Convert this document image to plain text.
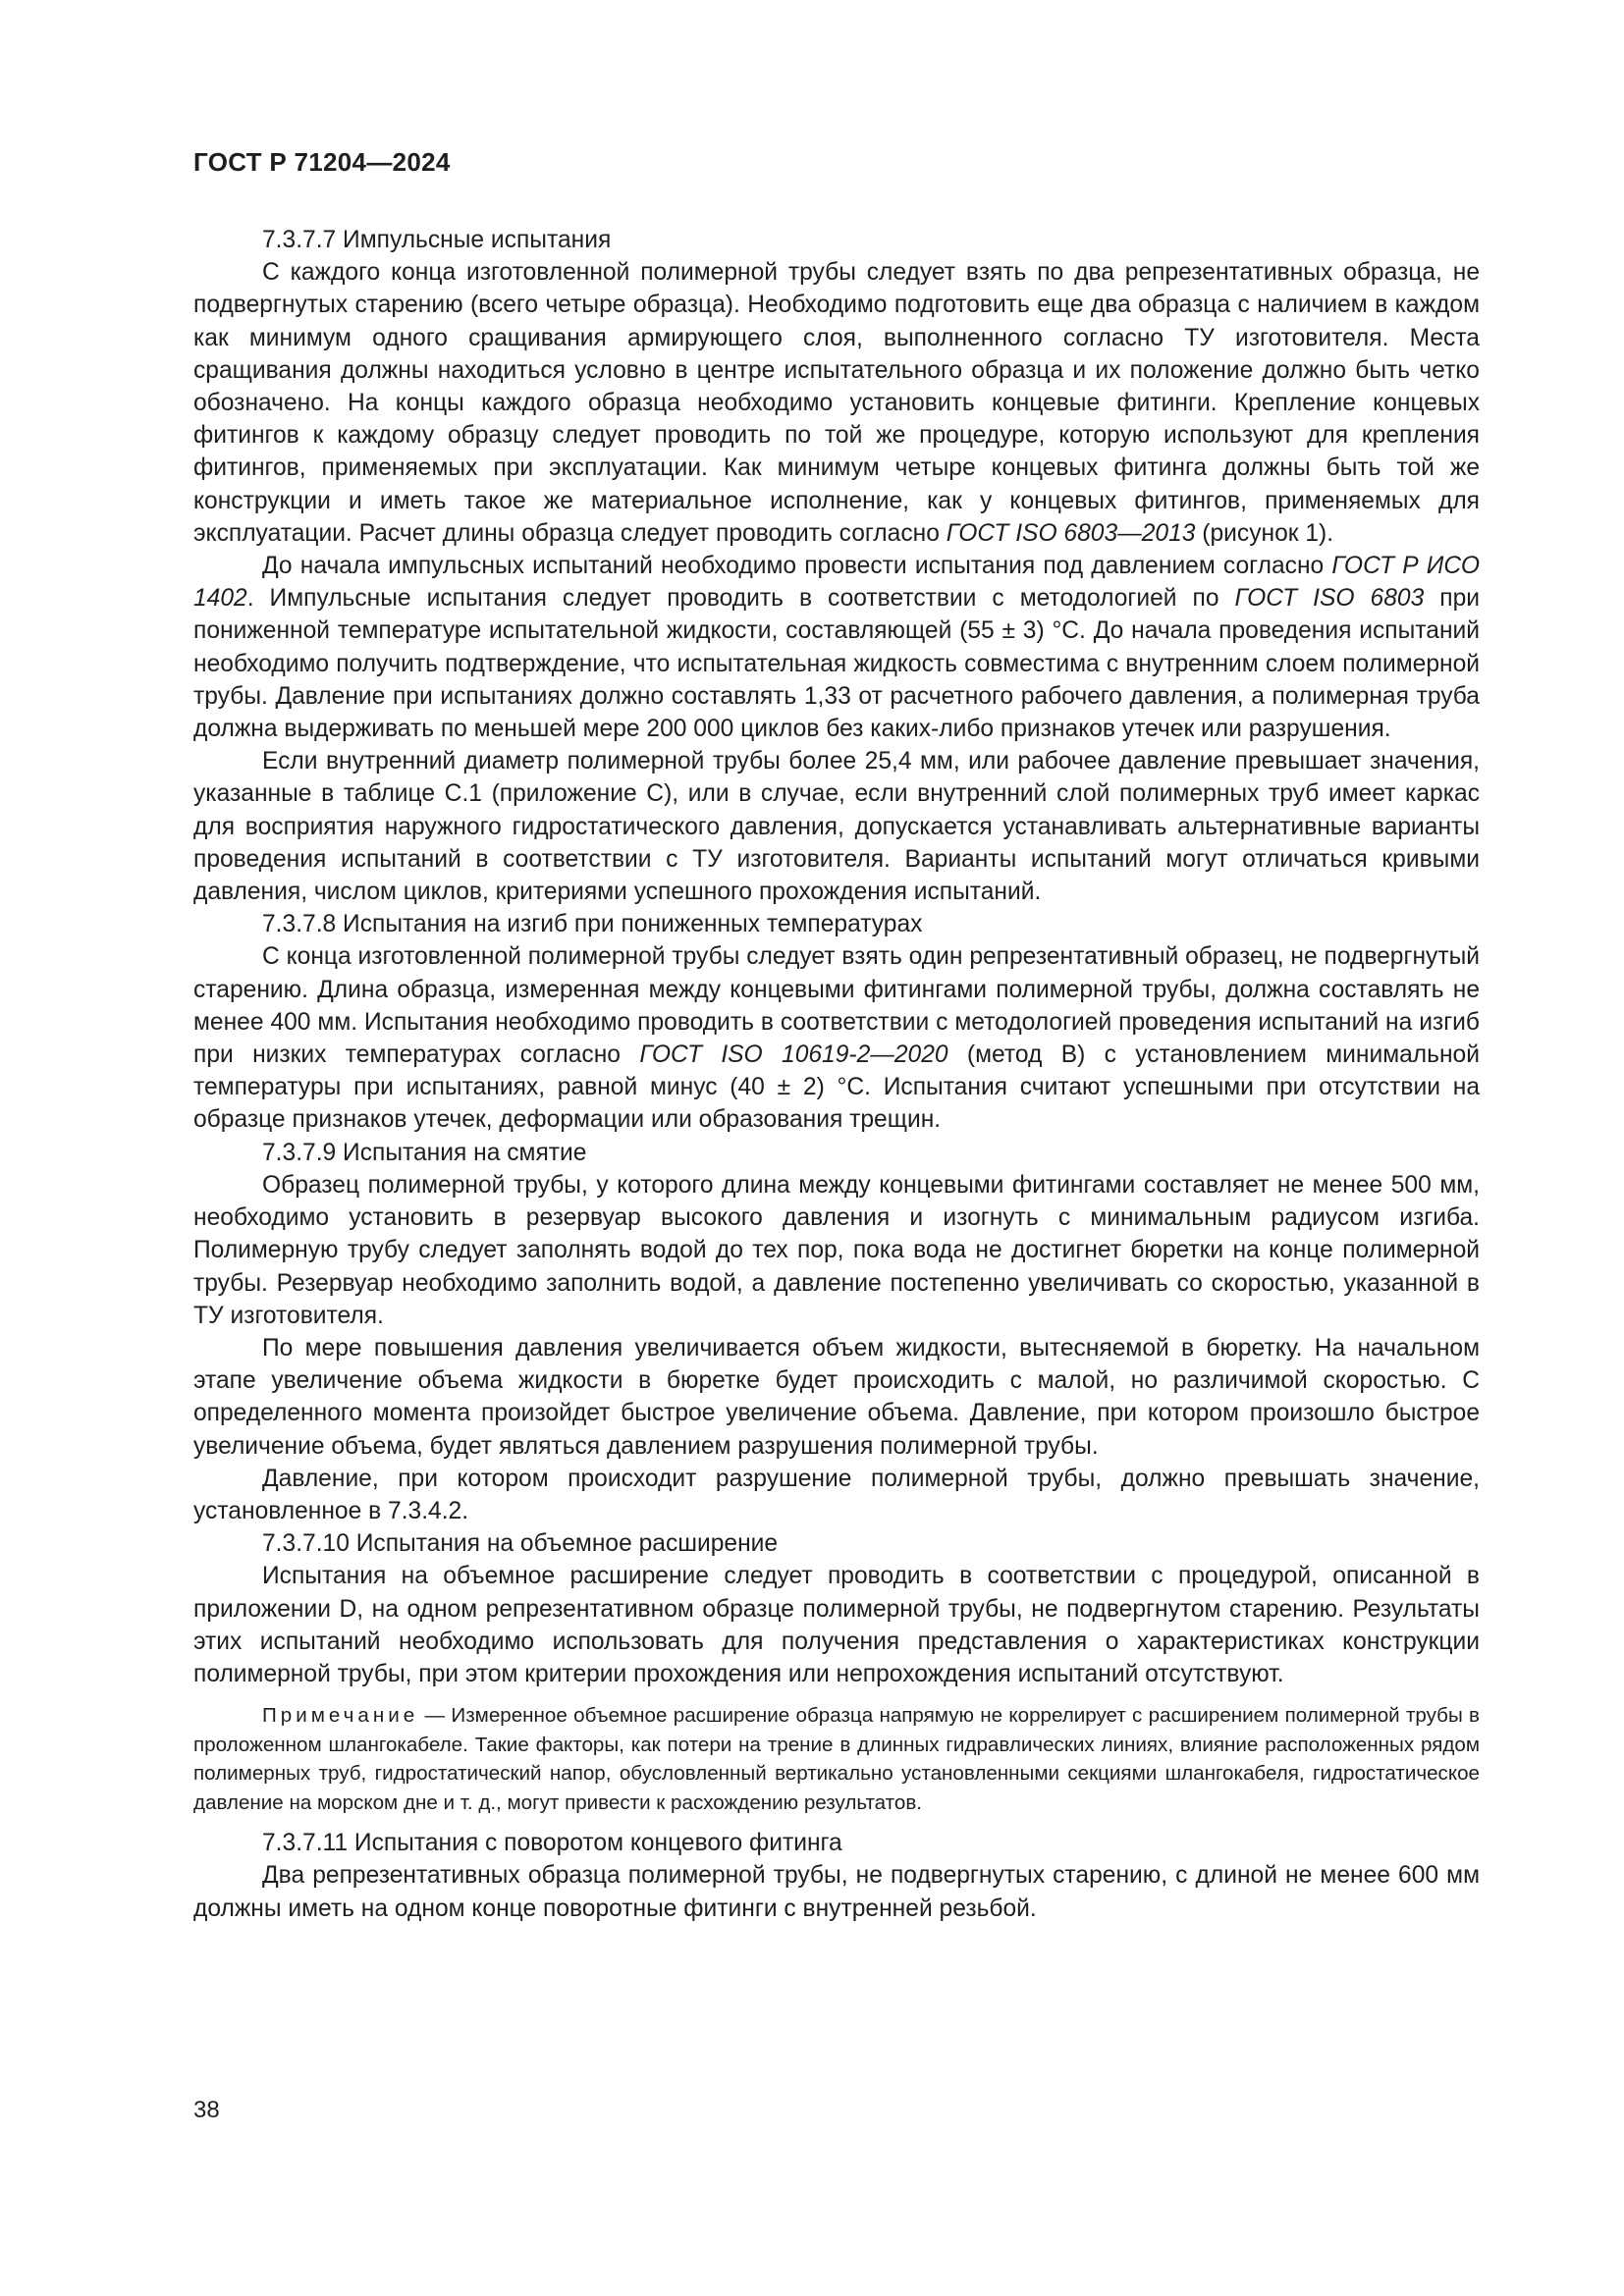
ГОСТ Р 71204—2024

7.3.7.7 Импульсные испытания

С каждого конца изготовленной полимерной трубы следует взять по два репрезентативных образца, не подвергнутых старению (всего четыре образца). Необходимо подготовить еще два образца с наличием в каждом как минимум одного сращивания армирующего слоя, выполненного согласно ТУ изготовителя. Места сращивания должны находиться условно в центре испытательного образца и их положение должно быть четко обозначено. На концы каждого образца необходимо установить концевые фитинги. Крепление концевых фитингов к каждому образцу следует проводить по той же процедуре, которую используют для крепления фитингов, применяемых при эксплуатации. Как минимум четыре концевых фитинга должны быть той же конструкции и иметь такое же материальное исполнение, как у концевых фитингов, применяемых для эксплуатации. Расчет длины образца следует проводить согласно ГОСТ ISO 6803—2013 (рисунок 1).

До начала импульсных испытаний необходимо провести испытания под давлением согласно ГОСТ Р ИСО 1402. Импульсные испытания следует проводить в соответствии с методологией по ГОСТ ISO 6803 при пониженной температуре испытательной жидкости, составляющей (55 ± 3) °С. До начала проведения испытаний необходимо получить подтверждение, что испытательная жидкость совместима с внутренним слоем полимерной трубы. Давление при испытаниях должно составлять 1,33 от расчетного рабочего давления, а полимерная труба должна выдерживать по меньшей мере 200 000 циклов без каких-либо признаков утечек или разрушения.

Если внутренний диаметр полимерной трубы более 25,4 мм, или рабочее давление превышает значения, указанные в таблице С.1 (приложение С), или в случае, если внутренний слой полимерных труб имеет каркас для восприятия наружного гидростатического давления, допускается устанавливать альтернативные варианты проведения испытаний в соответствии с ТУ изготовителя. Варианты испытаний могут отличаться кривыми давления, числом циклов, критериями успешного прохождения испытаний.

7.3.7.8 Испытания на изгиб при пониженных температурах

С конца изготовленной полимерной трубы следует взять один репрезентативный образец, не подвергнутый старению. Длина образца, измеренная между концевыми фитингами полимерной трубы, должна составлять не менее 400 мм. Испытания необходимо проводить в соответствии с методологией проведения испытаний на изгиб при низких температурах согласно ГОСТ ISO 10619-2—2020 (метод В) с установлением минимальной температуры при испытаниях, равной минус (40 ± 2) °С. Испытания считают успешными при отсутствии на образце признаков утечек, деформации или образования трещин.

7.3.7.9 Испытания на смятие

Образец полимерной трубы, у которого длина между концевыми фитингами составляет не менее 500 мм, необходимо установить в резервуар высокого давления и изогнуть с минимальным радиусом изгиба. Полимерную трубу следует заполнять водой до тех пор, пока вода не достигнет бюретки на конце полимерной трубы. Резервуар необходимо заполнить водой, а давление постепенно увеличивать со скоростью, указанной в ТУ изготовителя.

По мере повышения давления увеличивается объем жидкости, вытесняемой в бюретку. На начальном этапе увеличение объема жидкости в бюретке будет происходить с малой, но различимой скоростью. С определенного момента произойдет быстрое увеличение объема. Давление, при котором произошло быстрое увеличение объема, будет являться давлением разрушения полимерной трубы.

Давление, при котором происходит разрушение полимерной трубы, должно превышать значение, установленное в 7.3.4.2.

7.3.7.10 Испытания на объемное расширение

Испытания на объемное расширение следует проводить в соответствии с процедурой, описанной в приложении D, на одном репрезентативном образце полимерной трубы, не подвергнутом старению. Результаты этих испытаний необходимо использовать для получения представления о характеристиках конструкции полимерной трубы, при этом критерии прохождения или непрохождения испытаний отсутствуют.

Примечание — Измеренное объемное расширение образца напрямую не коррелирует с расширением полимерной трубы в проложенном шлангокабеле. Такие факторы, как потери на трение в длинных гидравлических линиях, влияние расположенных рядом полимерных труб, гидростатический напор, обусловленный вертикально установленными секциями шлангокабеля, гидростатическое давление на морском дне и т. д., могут привести к расхождению результатов.

7.3.7.11 Испытания с поворотом концевого фитинга

Два репрезентативных образца полимерной трубы, не подвергнутых старению, с длиной не менее 600 мм должны иметь на одном конце поворотные фитинги с внутренней резьбой.

38
